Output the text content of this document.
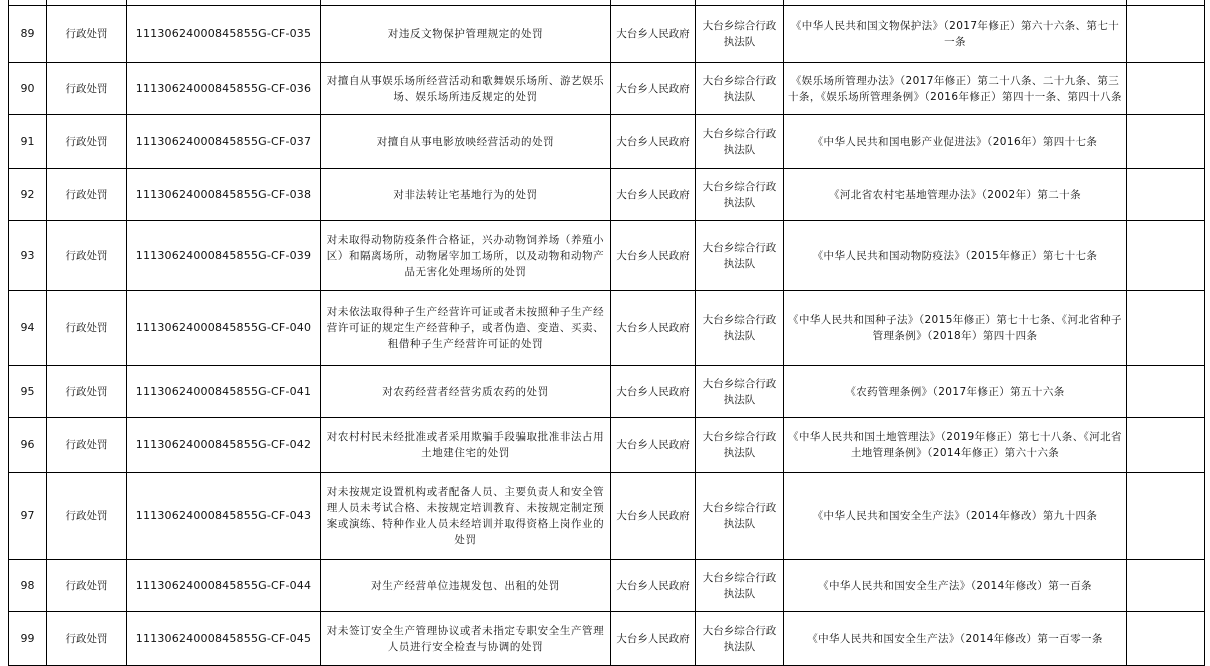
89	行政处罚	11130624000845855G-CF-035	对违反文物保护管理规定的处罚	大台乡人民政府	大台乡综合行政执法队	《中华人民共和国文物保护法》（2017年修正）第六十六条、第七十一条	
90	行政处罚	11130624000845855G-CF-036	对擅自从事娱乐场所经营活动和歌舞娱乐场所、游艺娱乐场、娱乐场所违反规定的处罚	大台乡人民政府	大台乡综合行政执法队	《娱乐场所管理办法》（2017年修正）第二十八条、二十九条、第三十条，《娱乐场所管理条例》（2016年修正）第四十一条、第四十八条	
91	行政处罚	11130624000845855G-CF-037	对擅自从事电影放映经营活动的处罚	大台乡人民政府	大台乡综合行政执法队	《中华人民共和国电影产业促进法》（2016年）第四十七条	
92	行政处罚	11130624000845855G-CF-038	对非法转让宅基地行为的处罚	大台乡人民政府	大台乡综合行政执法队	《河北省农村宅基地管理办法》（2002年）第二十条	
93	行政处罚	11130624000845855G-CF-039	对未取得动物防疫条件合格证，兴办动物饲养场（养殖小区）和隔离场所，动物屠宰加工场所，以及动物和动物产品无害化处理场所的处罚	大台乡人民政府	大台乡综合行政执法队	《中华人民共和国动物防疫法》（2015年修正）第七十七条	
94	行政处罚	11130624000845855G-CF-040	对未依法取得种子生产经营许可证或者未按照种子生产经营许可证的规定生产经营种子，或者伪造、变造、买卖、租借种子生产经营许可证的处罚	大台乡人民政府	大台乡综合行政执法队	《中华人民共和国种子法》（2015年修正）第七十七条、《河北省种子管理条例》（2018年）第四十四条	
95	行政处罚	11130624000845855G-CF-041	对农药经营者经营劣质农药的处罚	大台乡人民政府	大台乡综合行政执法队	《农药管理条例》（2017年修正）第五十六条	
96	行政处罚	11130624000845855G-CF-042	对农村村民未经批准或者采用欺骗手段骗取批准非法占用土地建住宅的处罚	大台乡人民政府	大台乡综合行政执法队	《中华人民共和国土地管理法》（2019年修正）第七十八条、《河北省土地管理条例》（2014年修正）第六十六条	
97	行政处罚	11130624000845855G-CF-043	对未按规定设置机构或者配备人员、主要负责人和安全管理人员未考试合格、未按规定培训教育、未按规定制定预案或演练、特种作业人员未经培训并取得资格上岗作业的处罚	大台乡人民政府	大台乡综合行政执法队	《中华人民共和国安全生产法》（2014年修改）第九十四条	
98	行政处罚	11130624000845855G-CF-044	对生产经营单位违规发包、出租的处罚	大台乡人民政府	大台乡综合行政执法队	《中华人民共和国安全生产法》（2014年修改）第一百条	
99	行政处罚	11130624000845855G-CF-045	对未签订安全生产管理协议或者未指定专职安全生产管理人员进行安全检查与协调的处罚	大台乡人民政府	大台乡综合行政执法队	《中华人民共和国安全生产法》（2014年修改）第一百零一条	
